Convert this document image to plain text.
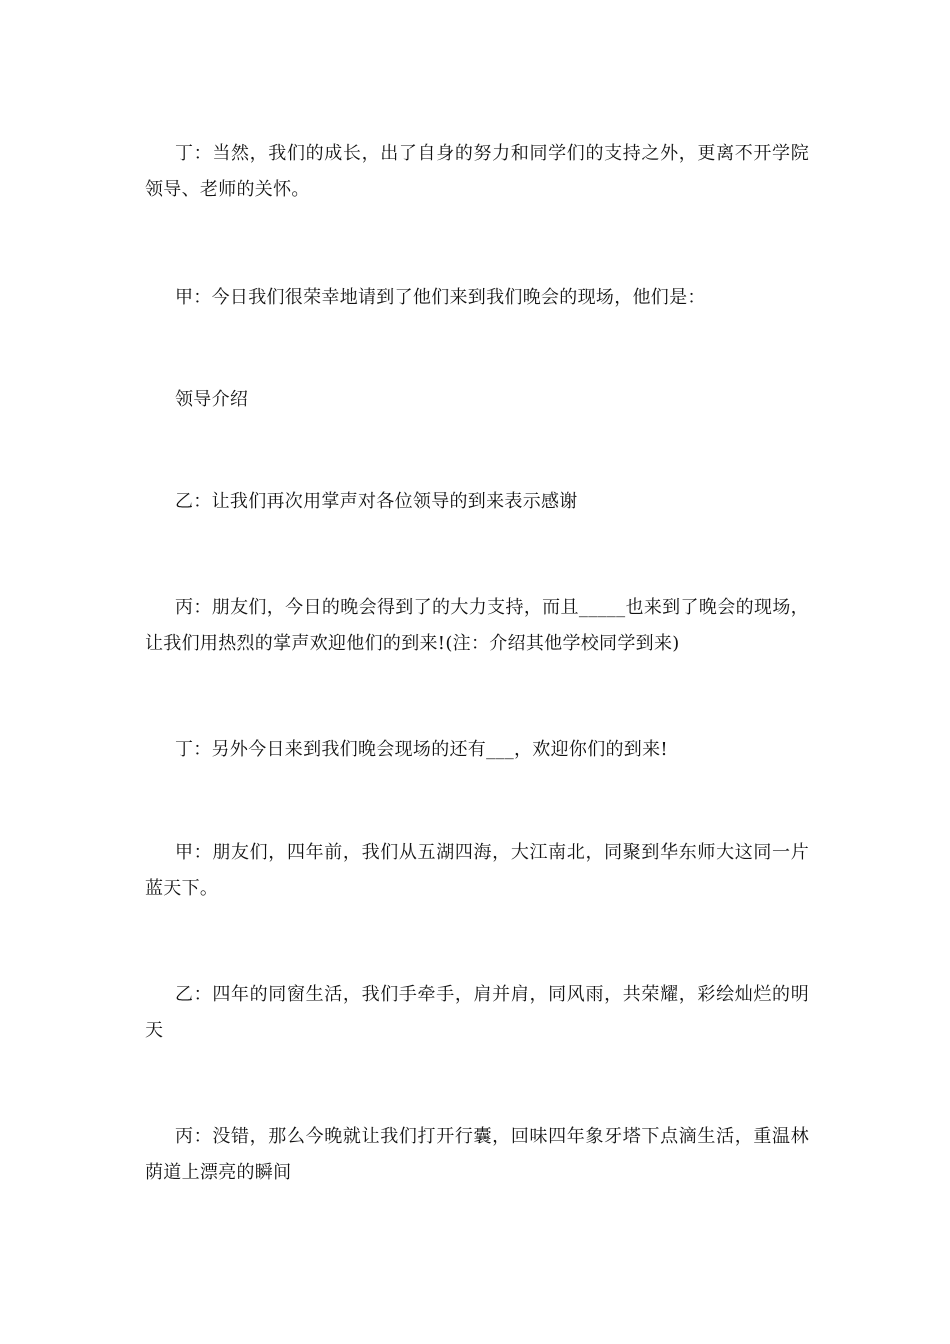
丁：当然，我们的成长，出了自身的努力和同学们的支持之外，更离不开学院领导、老师的关怀。

甲：今日我们很荣幸地请到了他们来到我们晚会的现场，他们是：

领导介绍

乙：让我们再次用掌声对各位领导的到来表示感谢

丙：朋友们，今日的晚会得到了的大力支持，而且_____也来到了晚会的现场，让我们用热烈的掌声欢迎他们的到来!(注：介绍其他学校同学到来)

丁：另外今日来到我们晚会现场的还有___，欢迎你们的到来!

甲：朋友们，四年前，我们从五湖四海，大江南北，同聚到华东师大这同一片蓝天下。

乙：四年的同窗生活，我们手牵手，肩并肩，同风雨，共荣耀，彩绘灿烂的明天

丙：没错，那么今晚就让我们打开行囊，回味四年象牙塔下点滴生活，重温林荫道上漂亮的瞬间
